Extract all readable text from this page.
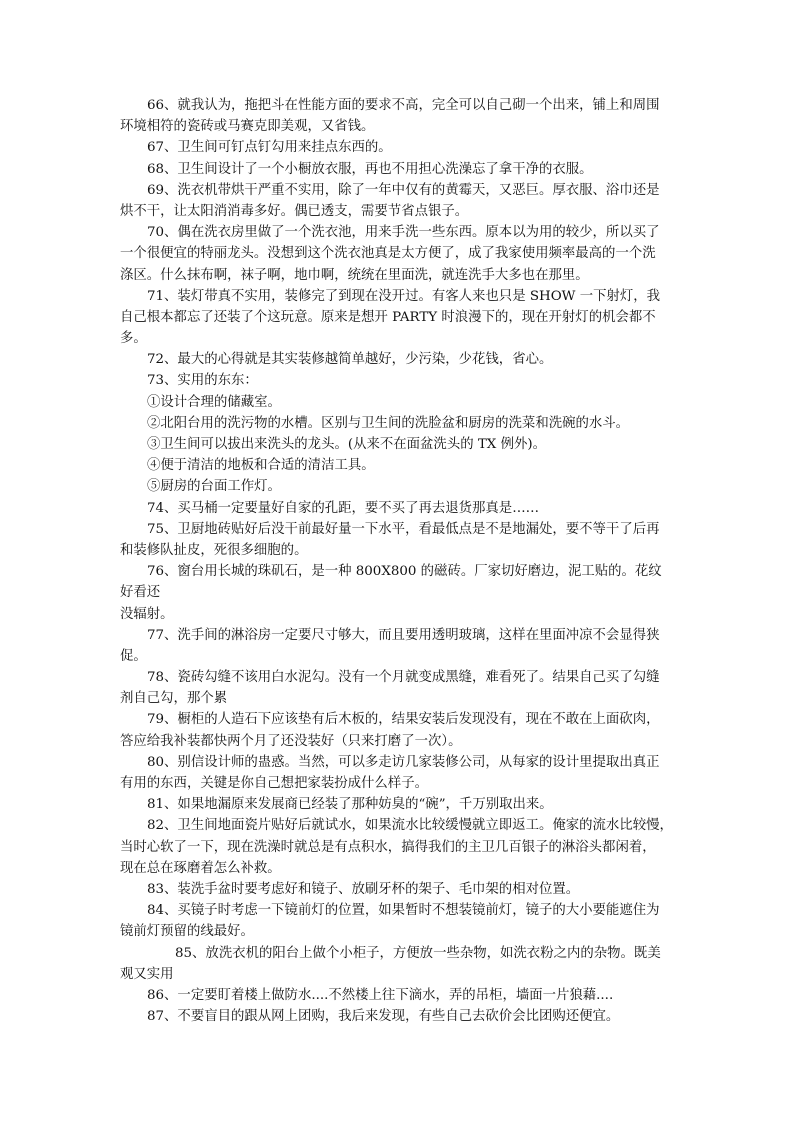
66、就我认为，拖把斗在性能方面的要求不高，完全可以自己砌一个出来，铺上和周围
环境相符的瓷砖或马赛克即美观，又省钱。
67、卫生间可钉点钉勾用来挂点东西的。
68、卫生间设计了一个小橱放衣服，再也不用担心洗澡忘了拿干净的衣服。
69、洗衣机带烘干严重不实用，除了一年中仅有的黄霉天，又恶巨。厚衣服、浴巾还是
烘不干，让太阳消消毒多好。偶已透支，需要节省点银子。
70、偶在洗衣房里做了一个洗衣池，用来手洗一些东西。原本以为用的较少，所以买了
一个很便宜的特丽龙头。没想到这个洗衣池真是太方便了，成了我家使用频率最高的一个洗
涤区。什么抹布啊，袜子啊，地巾啊，统统在里面洗，就连洗手大多也在那里。
71、装灯带真不实用，装修完了到现在没开过。有客人来也只是 SHOW 一下射灯，我
自己根本都忘了还装了个这玩意。原来是想开 PARTY 时浪漫下的，现在开射灯的机会都不
多。
72、最大的心得就是其实装修越简单越好，少污染，少花钱，省心。
73、实用的东东：
①设计合理的储藏室。
②北阳台用的洗污物的水槽。区别与卫生间的洗脸盆和厨房的洗菜和洗碗的水斗。
③卫生间可以拔出来洗头的龙头。(从来不在面盆洗头的 TX 例外)。
④便于清洁的地板和合适的清洁工具。
⑤厨房的台面工作灯。
74、买马桶一定要量好自家的孔距，要不买了再去退货那真是……
75、卫厨地砖贴好后没干前最好量一下水平，看最低点是不是地漏处，要不等干了后再
和装修队扯皮，死很多细胞的。
76、窗台用长城的珠矶石，是一种 800X800 的磁砖。厂家切好磨边，泥工贴的。花纹
好看还
没辐射。
77、洗手间的淋浴房一定要尺寸够大，而且要用透明玻璃，这样在里面冲凉不会显得狭
促。
78、瓷砖勾缝不该用白水泥勾。没有一个月就变成黑缝，难看死了。结果自己买了勾缝
剂自己勾，那个累
79、橱柜的人造石下应该垫有后木板的，结果安装后发现没有，现在不敢在上面砍肉，
答应给我补装都快两个月了还没装好（只来打磨了一次）。
80、别信设计师的蛊惑。当然，可以多走访几家装修公司，从每家的设计里提取出真正
有用的东西，关键是你自己想把家装扮成什么样子。
81、如果地漏原来发展商已经装了那种妨臭的“碗”，千万别取出来。
82、卫生间地面瓷片贴好后就试水，如果流水比较缓慢就立即返工。俺家的流水比较慢，
当时心软了一下，现在洗澡时就总是有点积水，搞得我们的主卫几百银子的淋浴头都闲着，
现在总在琢磨着怎么补救。
83、装洗手盆时要考虑好和镜子、放刷牙杯的架子、毛巾架的相对位置。
84、买镜子时考虑一下镜前灯的位置，如果暂时不想装镜前灯，镜子的大小要能遮住为
镜前灯预留的线最好。
85、放洗衣机的阳台上做个小柜子，方便放一些杂物，如洗衣粉之内的杂物。既美
观又实用
86、一定要盯着楼上做防水....不然楼上往下滴水，弄的吊柜，墙面一片狼藉....
87、不要盲目的跟从网上团购，我后来发现，有些自己去砍价会比团购还便宜。
